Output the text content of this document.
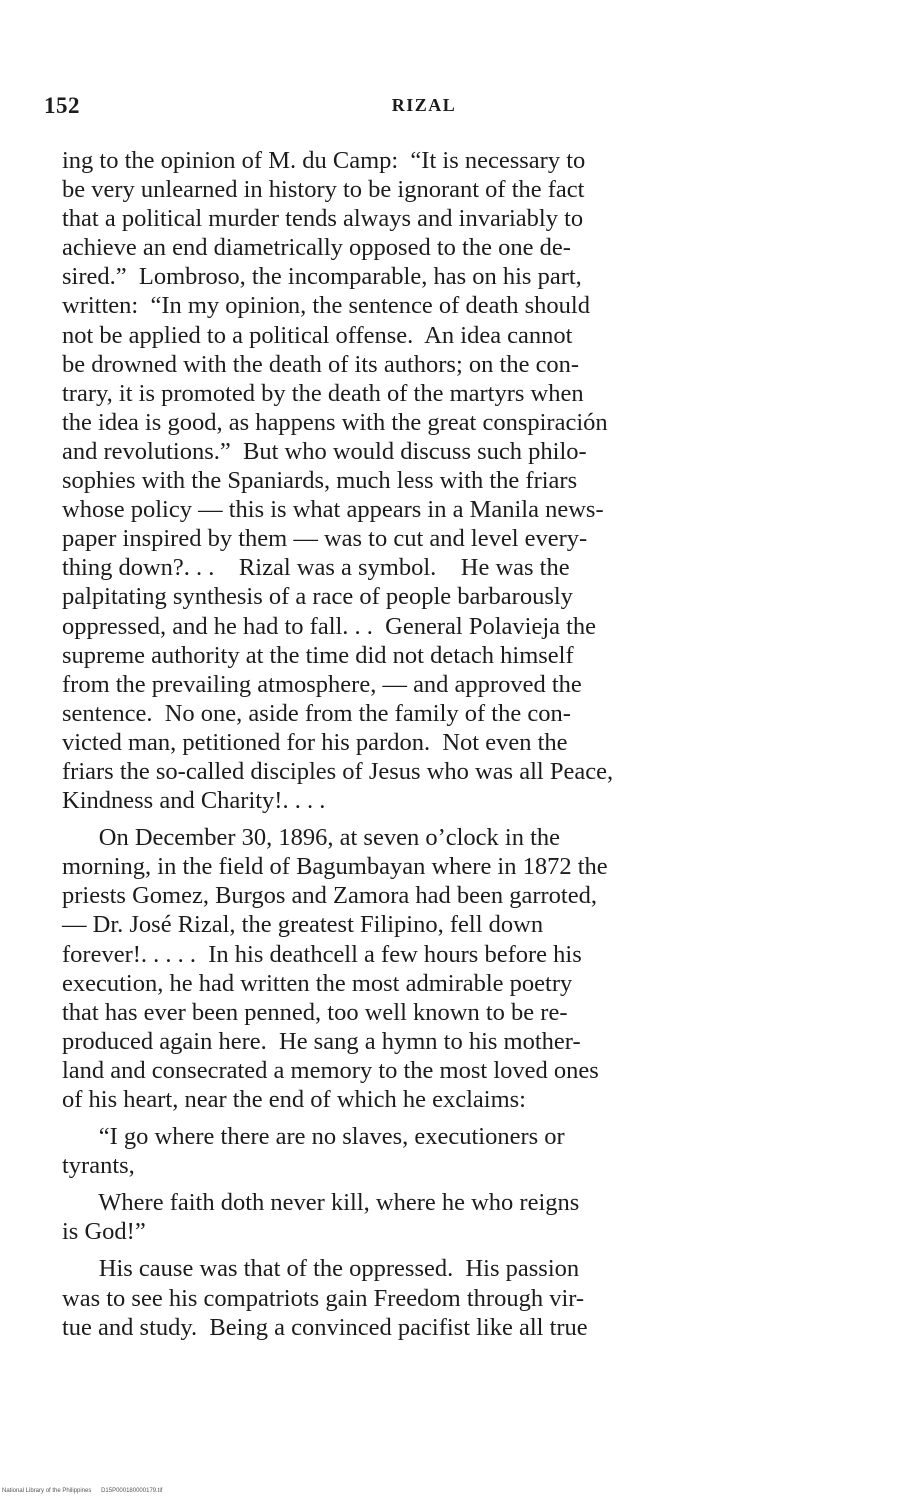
152	RIZAL
ing to the opinion of M. du Camp:  “It is necessary to
be very unlearned in history to be ignorant of the fact
that a political murder tends always and invariably to
achieve an end diametrically opposed to the one de-
sired.”  Lombroso, the incomparable, has on his part,
written:  “In my opinion, the sentence of death should
not be applied to a political offense.  An idea cannot
be drowned with the death of its authors; on the con-
trary, it is promoted by the death of the martyrs when
the idea is good, as happens with the great conspiración
and revolutions.”  But who would discuss such philo-
sophies with the Spaniards, much less with the friars
whose policy — this is what appears in a Manila news-
paper inspired by them — was to cut and level every-
thing down?. . .    Rizal was a symbol.    He was the
palpitating synthesis of a race of people barbarously
oppressed, and he had to fall. . .  General Polavieja the
supreme authority at the time did not detach himself
from the prevailing atmosphere, — and approved the
sentence.  No one, aside from the family of the con-
victed man, petitioned for his pardon.  Not even the
friars the so-called disciples of Jesus who was all Peace,
Kindness and Charity!. . . .
On December 30, 1896, at seven o’clock in the
morning, in the field of Bagumbayan where in 1872 the
priests Gomez, Burgos and Zamora had been garroted,
— Dr. José Rizal, the greatest Filipino, fell down
forever!. . . . .  In his deathcell a few hours before his
execution, he had written the most admirable poetry
that has ever been penned, too well known to be re-
produced again here.  He sang a hymn to his mother-
land and consecrated a memory to the most loved ones
of his heart, near the end of which he exclaims:
“I go where there are no slaves, executioners or
tyrants,
Where faith doth never kill, where he who reigns
is God!”
His cause was that of the oppressed.  His passion
was to see his compatriots gain Freedom through vir-
tue and study.  Being a convinced pacifist like all true
National Library of the Philippines D15P000180000179.tif
